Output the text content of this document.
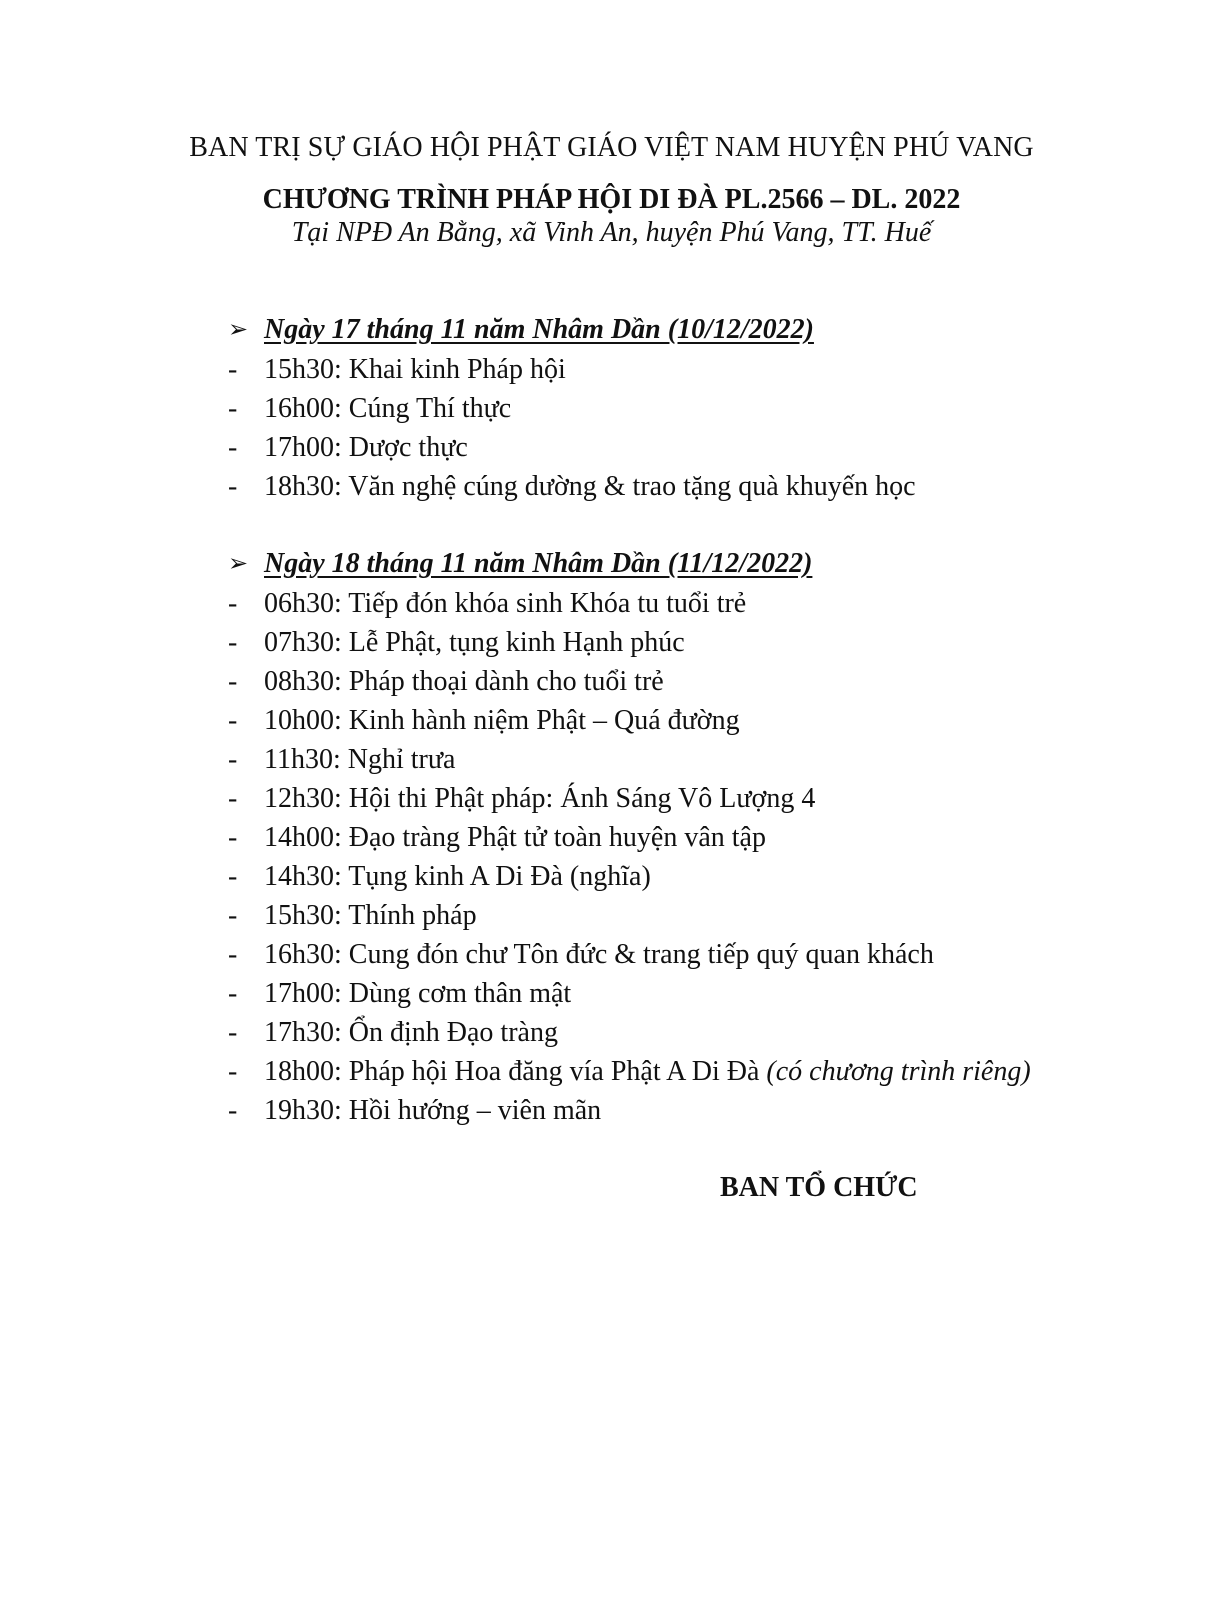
BAN TRỊ SỰ GIÁO HỘI PHẬT GIÁO VIỆT NAM HUYỆN PHÚ VANG
CHƯƠNG TRÌNH PHÁP HỘI DI ĐÀ PL.2566 – DL. 2022
Tại NPĐ An Bằng, xã Vinh An, huyện Phú Vang, TT. Huế
➢ Ngày 17 tháng 11 năm Nhâm Dần (10/12/2022)
- 15h30: Khai kinh Pháp hội
- 16h00: Cúng Thí thực
- 17h00: Dược thực
- 18h30: Văn nghệ cúng dường & trao tặng quà khuyến học
➢ Ngày 18 tháng 11 năm Nhâm Dần (11/12/2022)
- 06h30: Tiếp đón khóa sinh Khóa tu tuổi trẻ
- 07h30: Lễ Phật, tụng kinh Hạnh phúc
- 08h30: Pháp thoại dành cho tuổi trẻ
- 10h00: Kinh hành niệm Phật – Quá đường
- 11h30: Nghỉ trưa
- 12h30: Hội thi Phật pháp: Ánh Sáng Vô Lượng 4
- 14h00: Đạo tràng Phật tử toàn huyện vân tập
- 14h30: Tụng kinh A Di Đà (nghĩa)
- 15h30: Thính pháp
- 16h30: Cung đón chư Tôn đức & trang tiếp quý quan khách
- 17h00: Dùng cơm thân mật
- 17h30: Ổn định Đạo tràng
- 18h00: Pháp hội Hoa đăng vía Phật A Di Đà (có chương trình riêng)
- 19h30: Hồi hướng – viên mãn
BAN TỔ CHỨC
